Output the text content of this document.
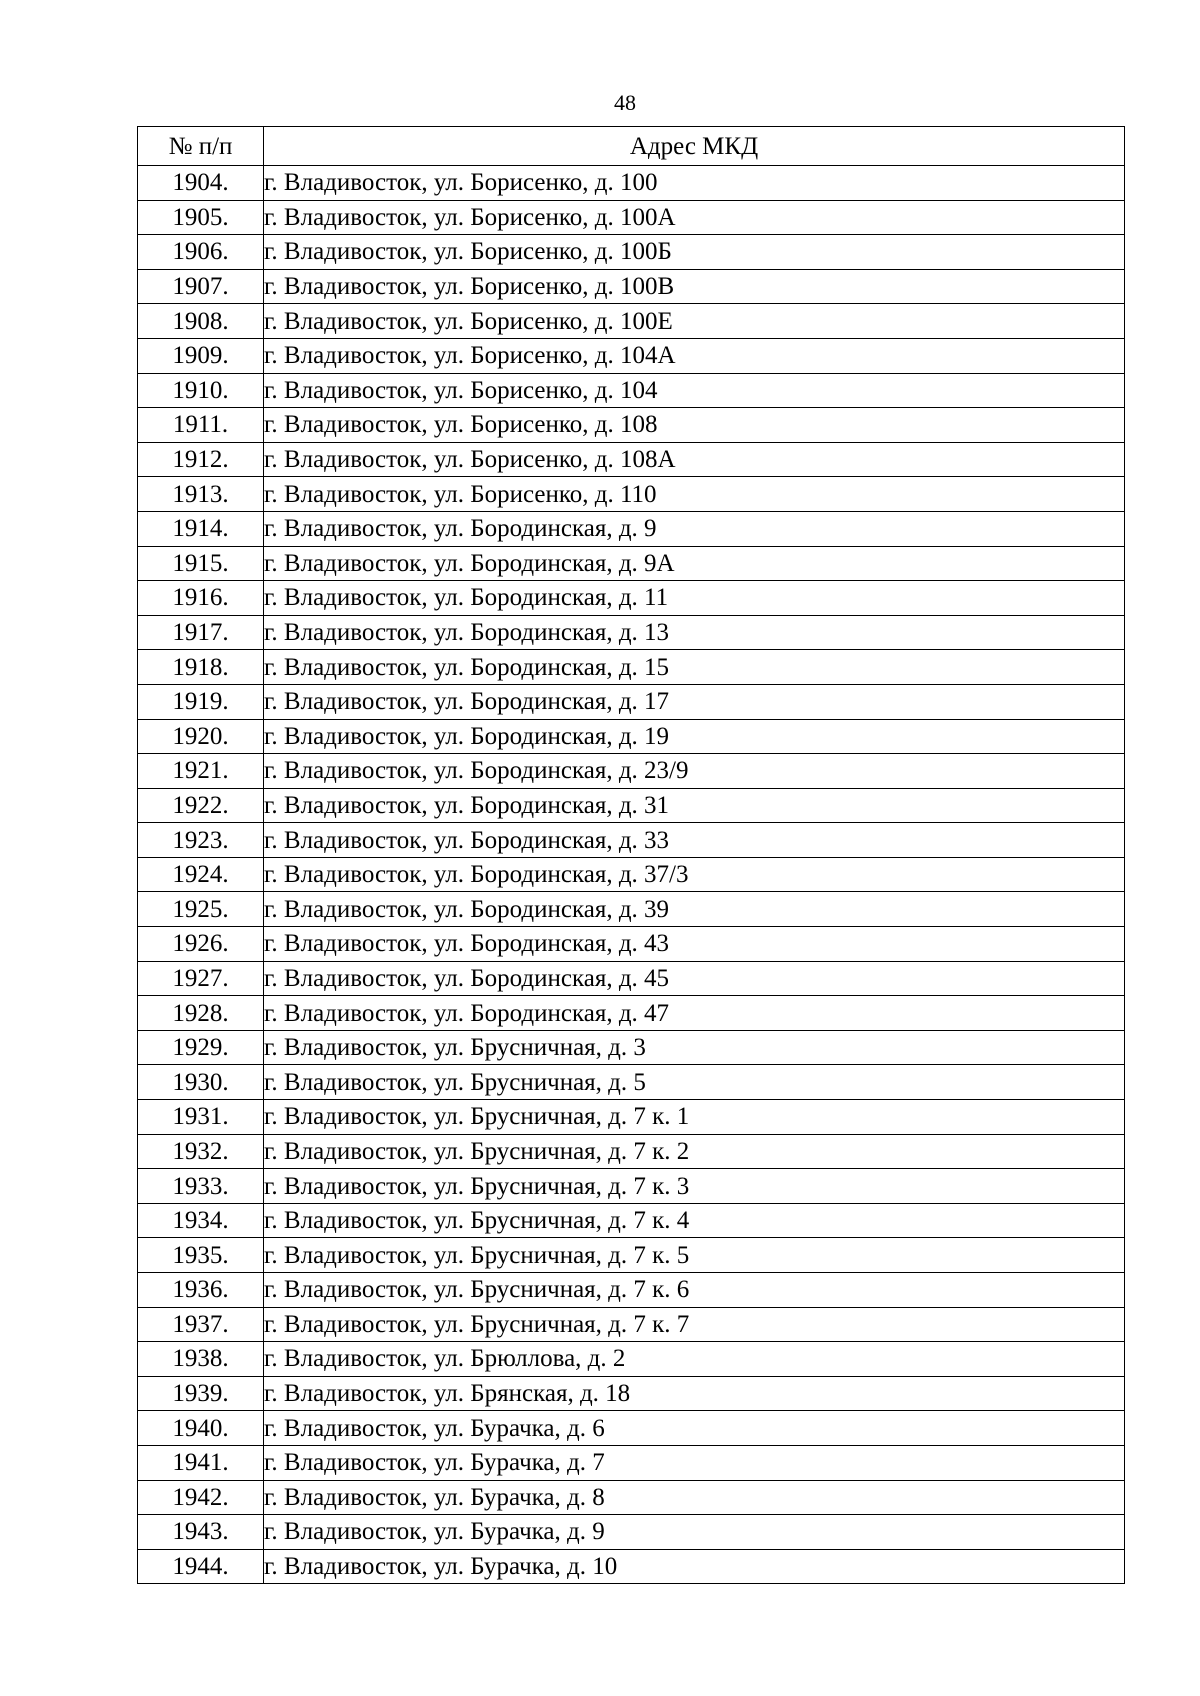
48
№ п/п	Адрес МКД
1904.	г. Владивосток, ул. Борисенко, д. 100
1905.	г. Владивосток, ул. Борисенко, д. 100А
1906.	г. Владивосток, ул. Борисенко, д. 100Б
1907.	г. Владивосток, ул. Борисенко, д. 100В
1908.	г. Владивосток, ул. Борисенко, д. 100Е
1909.	г. Владивосток, ул. Борисенко, д. 104А
1910.	г. Владивосток, ул. Борисенко, д. 104
1911.	г. Владивосток, ул. Борисенко, д. 108
1912.	г. Владивосток, ул. Борисенко, д. 108А
1913.	г. Владивосток, ул. Борисенко, д. 110
1914.	г. Владивосток, ул. Бородинская, д. 9
1915.	г. Владивосток, ул. Бородинская, д. 9А
1916.	г. Владивосток, ул. Бородинская, д. 11
1917.	г. Владивосток, ул. Бородинская, д. 13
1918.	г. Владивосток, ул. Бородинская, д. 15
1919.	г. Владивосток, ул. Бородинская, д. 17
1920.	г. Владивосток, ул. Бородинская, д. 19
1921.	г. Владивосток, ул. Бородинская, д. 23/9
1922.	г. Владивосток, ул. Бородинская, д. 31
1923.	г. Владивосток, ул. Бородинская, д. 33
1924.	г. Владивосток, ул. Бородинская, д. 37/3
1925.	г. Владивосток, ул. Бородинская, д. 39
1926.	г. Владивосток, ул. Бородинская, д. 43
1927.	г. Владивосток, ул. Бородинская, д. 45
1928.	г. Владивосток, ул. Бородинская, д. 47
1929.	г. Владивосток, ул. Брусничная, д. 3
1930.	г. Владивосток, ул. Брусничная, д. 5
1931.	г. Владивосток, ул. Брусничная, д. 7 к. 1
1932.	г. Владивосток, ул. Брусничная, д. 7 к. 2
1933.	г. Владивосток, ул. Брусничная, д. 7 к. 3
1934.	г. Владивосток, ул. Брусничная, д. 7 к. 4
1935.	г. Владивосток, ул. Брусничная, д. 7 к. 5
1936.	г. Владивосток, ул. Брусничная, д. 7 к. 6
1937.	г. Владивосток, ул. Брусничная, д. 7 к. 7
1938.	г. Владивосток, ул. Брюллова, д. 2
1939.	г. Владивосток, ул. Брянская, д. 18
1940.	г. Владивосток, ул. Бурачка, д. 6
1941.	г. Владивосток, ул. Бурачка, д. 7
1942.	г. Владивосток, ул. Бурачка, д. 8
1943.	г. Владивосток, ул. Бурачка, д. 9
1944.	г. Владивосток, ул. Бурачка, д. 10
